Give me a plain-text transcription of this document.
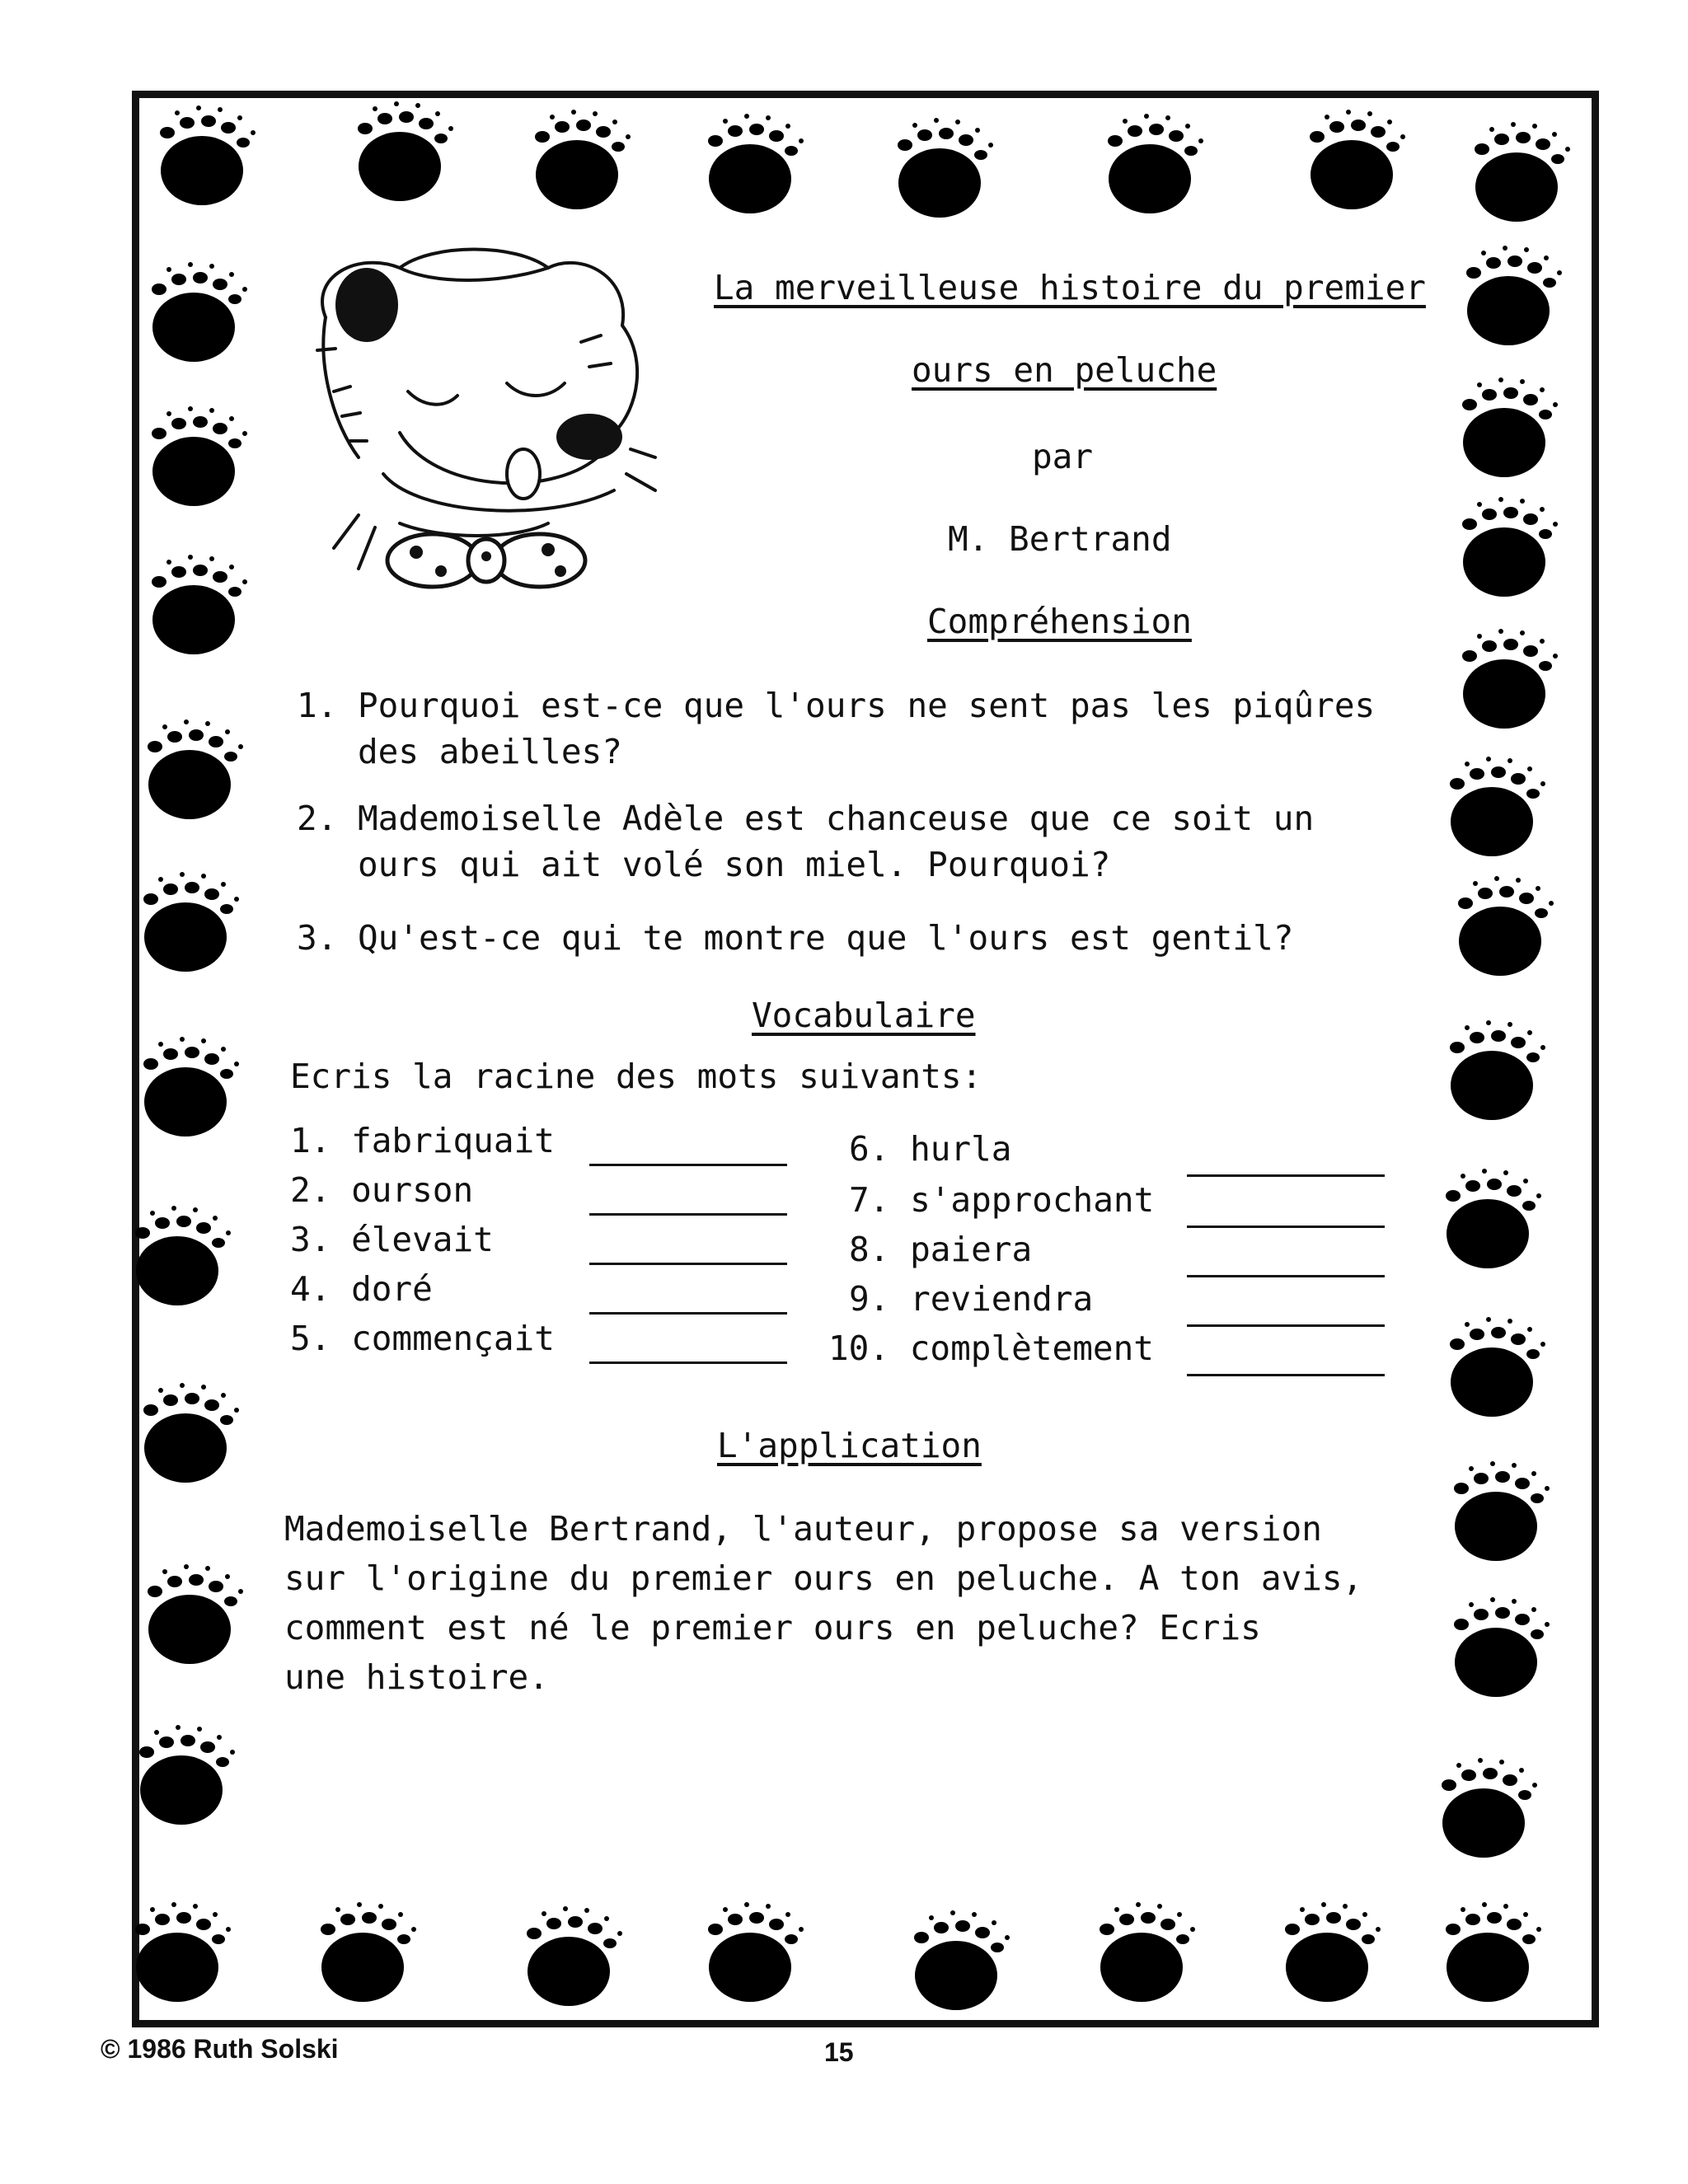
La merveilleuse histoire du premier
ours en peluche
par
M. Bertrand
Compréhension
1. Pourquoi est-ce que l'ours ne sent pas les piqûres des abeilles?
2. Mademoiselle Adèle est chanceuse que ce soit un ours qui ait volé son miel. Pourquoi?
3. Qu'est-ce qui te montre que l'ours est gentil?
Vocabulaire
Ecris la racine des mots suivants:
1. fabriquait
2. ourson
3. élevait
4. doré
5. commençait
6. hurla
7. s'approchant
8. paiera
9. reviendra
10. complètement
L'application
Mademoiselle Bertrand, l'auteur, propose sa version
sur l'origine du premier ours en peluche. A ton avis,
comment est né le premier ours en peluche? Ecris
une histoire.
© 1986 Ruth Solski	15
